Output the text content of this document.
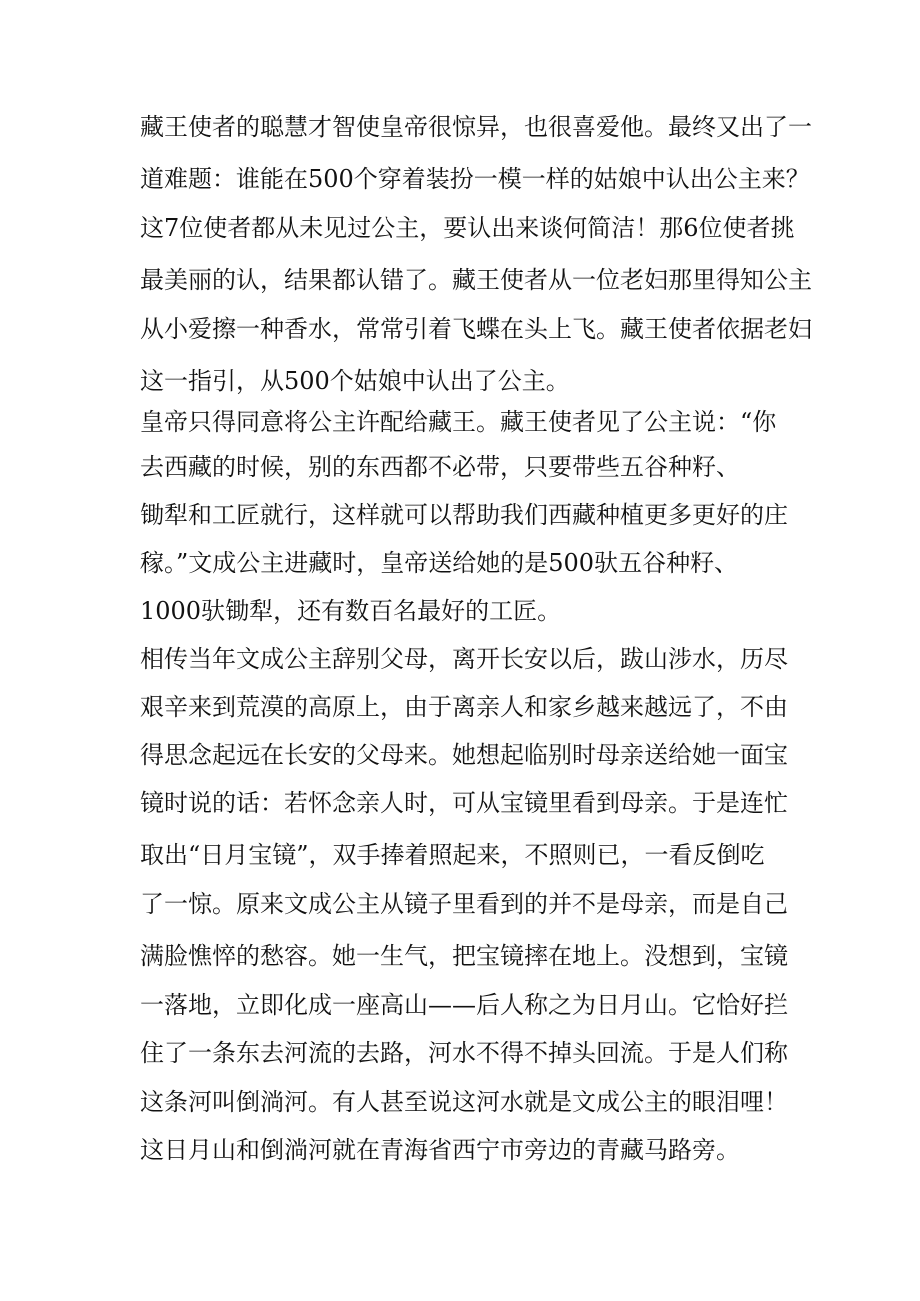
藏王使者的聪慧才智使皇帝很惊异，也很喜爱他。最终又出了一

道难题：谁能在500个穿着装扮一模一样的姑娘中认出公主来？

这7位使者都从未见过公主，要认出来谈何简洁！那6位使者挑

最美丽的认，结果都认错了。藏王使者从一位老妇那里得知公主

从小爱擦一种香水，常常引着飞蝶在头上飞。藏王使者依据老妇

这一指引，从500个姑娘中认出了公主。

皇帝只得同意将公主许配给藏王。藏王使者见了公主说：“你

去西藏的时候，别的东西都不必带，只要带些五谷种籽、

锄犁和工匠就行，这样就可以帮助我们西藏种植更多更好的庄

稼。”文成公主进藏时，皇帝送给她的是500驮五谷种籽、

1000驮锄犁，还有数百名最好的工匠。

相传当年文成公主辞别父母，离开长安以后，跋山涉水，历尽

艰辛来到荒漠的高原上，由于离亲人和家乡越来越远了，不由

得思念起远在长安的父母来。她想起临别时母亲送给她一面宝

镜时说的话：若怀念亲人时，可从宝镜里看到母亲。于是连忙

取出“日月宝镜”，双手捧着照起来，不照则已，一看反倒吃

了一惊。原来文成公主从镜子里看到的并不是母亲，而是自己

满脸憔悴的愁容。她一生气，把宝镜摔在地上。没想到，宝镜

一落地，立即化成一座高山——后人称之为日月山。它恰好拦

住了一条东去河流的去路，河水不得不掉头回流。于是人们称

这条河叫倒淌河。有人甚至说这河水就是文成公主的眼泪哩！

这日月山和倒淌河就在青海省西宁市旁边的青藏马路旁。
